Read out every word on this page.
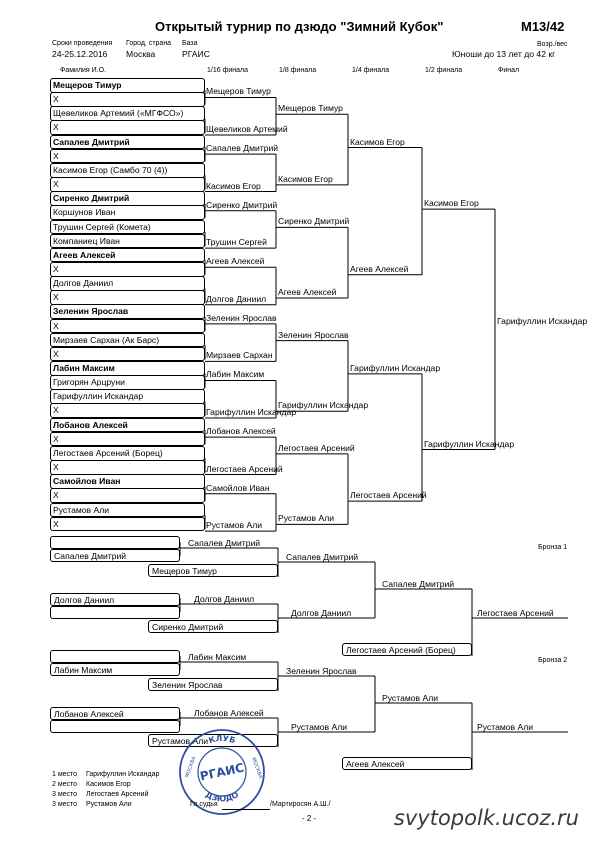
Открытый турнир по дзюдо "Зимний Кубок"	М13/42
Сроки проведения Город, страна База
24-25.12.2016 Москва	РГАИС
Возр./вес
Юноши до 13 лет до 42 кг
Фамилия И.О.	1/16 финала	1/8 финала	1/4 финала	1/2 финала	Финал
Мещеров Тимур
X
Щевеликов Артемий («МГФСО»)
X
Сапалев Дмитрий
X
Касимов Егор (Самбо 70 (4))
X
Сиренко Дмитрий
Коршунов Иван
Трушин Сергей (Комета)
Компаниец Иван
Агеев Алексей
X
Долгов Даниил
X
Зеленин Ярослав
X
Мирзаев Сархан (Ак Барс)
X
Лабин Максим
Григорян Арцруни
Гарифуллин Искандар
X
Лобанов Алексей
X
Легостаев Арсений (Борец)
X
Самойлов Иван
X
Рустамов Али
X
Мещеров Тимур
Щевеликов Артемий
Сапалев Дмитрий
Касимов Егор
Сиренко Дмитрий
Трушин Сергей
Агеев Алексей
Долгов Даниил
Зеленин Ярослав
Мирзаев Сархан
Лабин Максим
Гарифуллин Искандар
Лобанов Алексей
Легостаев Арсений
Самойлов Иван
Рустамов Али
Мещеров Тимур
Касимов Егор
Сиренко Дмитрий
Агеев Алексей
Зеленин Ярослав
Гарифуллин Искандар
Легостаев Арсений
Рустамов Али
Касимов Егор
Агеев Алексей
Гарифуллин Искандар
Легостаев Арсений
Касимов Егор
Гарифуллин Искандар
Гарифуллин Искандар
Бронза 1
Сапалев Дмитрий
Мещеров Тимур
Долгов Даниил
Сиренко Дмитрий
Сапалев Дмитрий
Долгов Даниил
Сапалев Дмитрий
Долгов Даниил
Сапалев Дмитрий
Легостаев Арсений (Борец)
Легостаев Арсений
Бронза 2
Лабин Максим
Зеленин Ярослав
Лобанов Алексей
Рустамов Али
Лабин Максим
Лобанов Алексей
Зеленин Ярослав
Рустамов Али
Рустамов Али
Агеев Алексей
Рустамов Али
1 место Гарифуллин Искандар
2 место Касимов Егор
3 место Легостаев Арсений
3 место Рустамов Али
КЛУБ
ДЗЮДО
РГАИС
МОСКВА	МОСКВА
Гл.судья	/Мартиросян А.Ш./
- 2 -	svytopolk.ucoz.ru
